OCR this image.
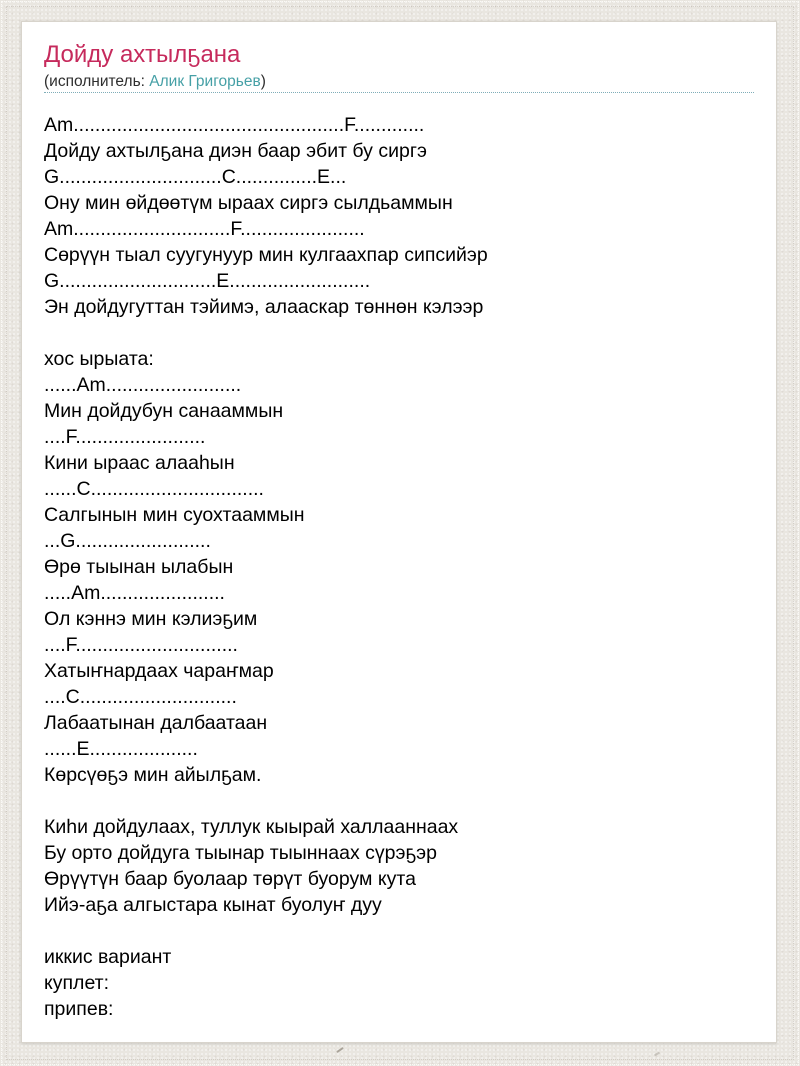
Дойду ахтылҕана
(исполнитель: Алик Григорьев)
Am..................................................F.............
Дойду ахтылҕана диэн баар эбит бу сиргэ
G..............................C...............E...
Ону мин өйдөөтүм ыраах сиргэ сылдьаммын
Am.............................F.......................
Сөрүүн тыал суугунуур мин кулгаахпар сипсийэр
G.............................E..........................
Эн дойдугуттан тэйимэ, алааскар төннөн кэлээр
хос ырыата:
......Am.........................
Мин дойдубун санааммын
....F........................
Кини ыраас алааһын
......C................................
Салгынын мин суохтааммын
...G.........................
Өрө тыынан ылабын
.....Am.......................
Ол кэннэ мин кэлиэҕим
....F..............................
Хатыҥнардаах чараҥмар
....C.............................
Лабаатынан далбаатаан
......Е....................
Көрсүөҕэ мин айылҕам.
Киһи дойдулаах, туллук кыырай халлааннаах
Бу орто дойдуга тыынар тыыннаах сүрэҕэр
Өрүүтүн баар буолаар төрүт буорум кута
Ийэ-аҕа алгыстара кынат буолуҥ дуу
иккис вариант
куплет:
припев:
